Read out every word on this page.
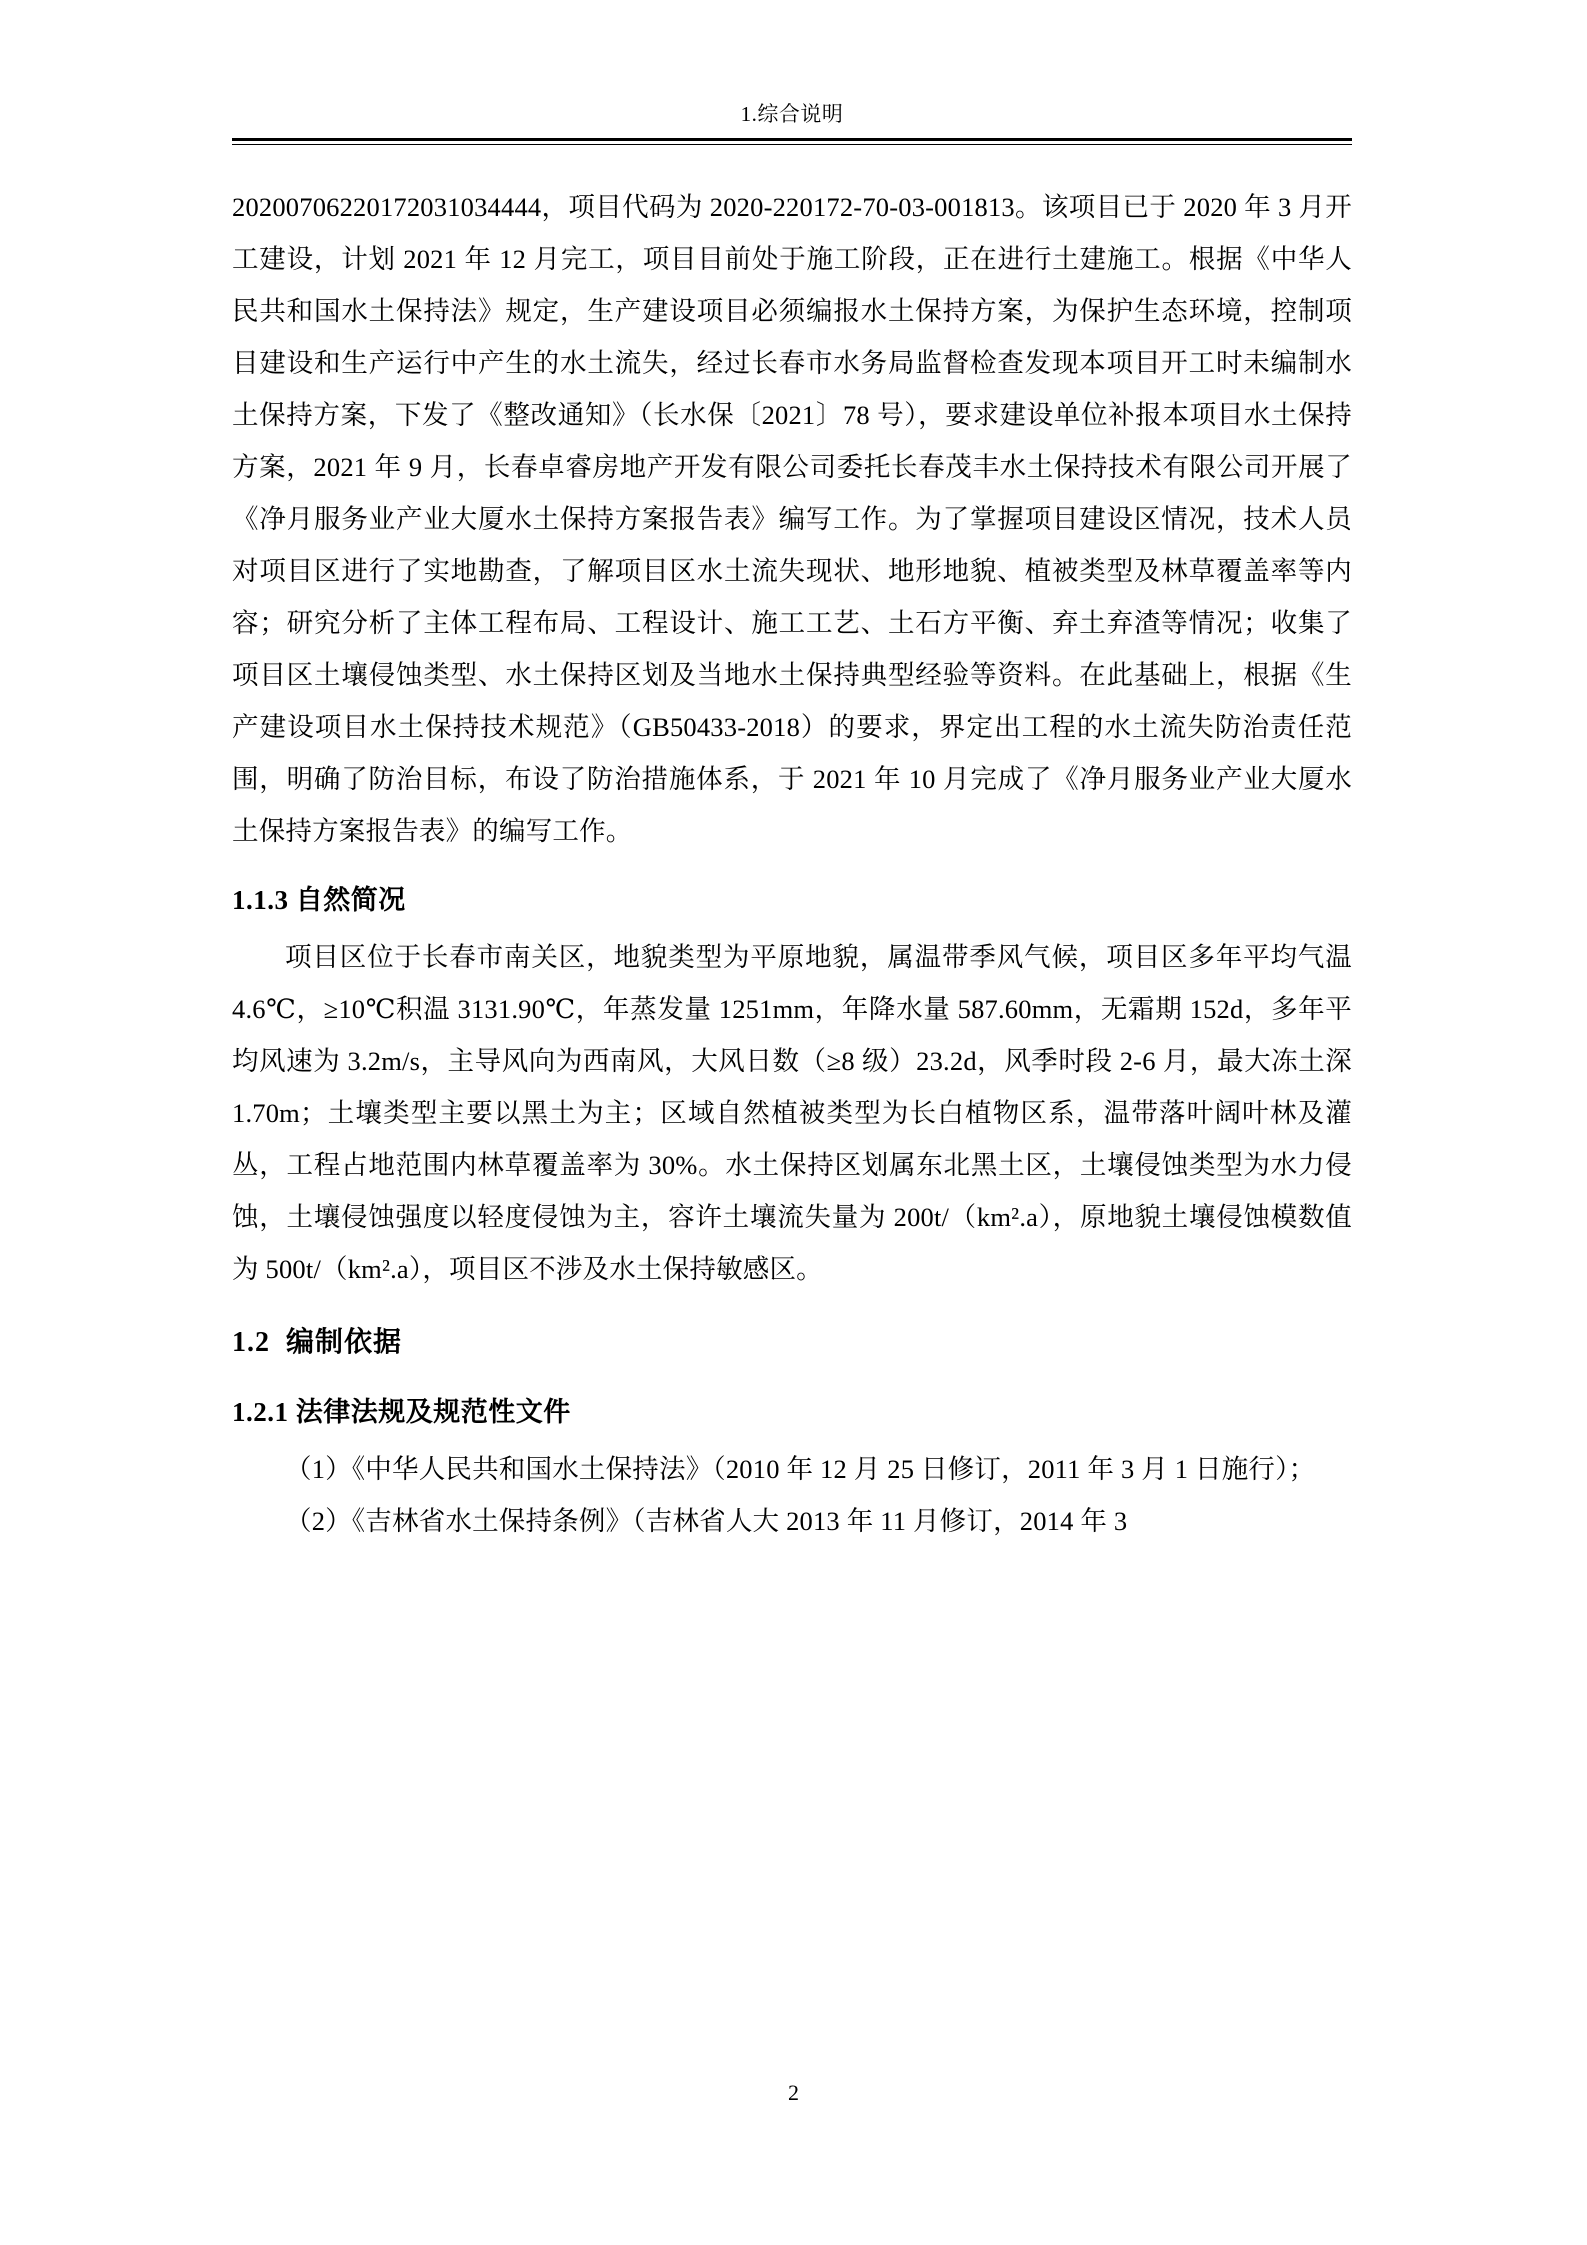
1.综合说明

20200706220172031034444，项目代码为 2020-220172-70-03-001813。该项目已于 2020 年 3 月开工建设，计划 2021 年 12 月完工，项目目前处于施工阶段，正在进行土建施工。根据《中华人民共和国水土保持法》规定，生产建设项目必须编报水土保持方案，为保护生态环境，控制项目建设和生产运行中产生的水土流失，经过长春市水务局监督检查发现本项目开工时未编制水土保持方案，下发了《整改通知》（长水保〔2021〕78 号），要求建设单位补报本项目水土保持方案，2021 年 9 月，长春卓睿房地产开发有限公司委托长春茂丰水土保持技术有限公司开展了《净月服务业产业大厦水土保持方案报告表》编写工作。为了掌握项目建设区情况，技术人员对项目区进行了实地勘查，了解项目区水土流失现状、地形地貌、植被类型及林草覆盖率等内容；研究分析了主体工程布局、工程设计、施工工艺、土石方平衡、弃土弃渣等情况；收集了项目区土壤侵蚀类型、水土保持区划及当地水土保持典型经验等资料。在此基础上，根据《生产建设项目水土保持技术规范》（GB50433-2018）的要求，界定出工程的水土流失防治责任范围，明确了防治目标，布设了防治措施体系，于 2021 年 10 月完成了《净月服务业产业大厦水土保持方案报告表》的编写工作。

1.1.3 自然简况

项目区位于长春市南关区，地貌类型为平原地貌，属温带季风气候，项目区多年平均气温 4.6℃，≥10℃积温 3131.90℃，年蒸发量 1251mm，年降水量 587.60mm，无霜期 152d，多年平均风速为 3.2m/s，主导风向为西南风，大风日数（≥8 级）23.2d，风季时段 2-6 月，最大冻土深 1.70m；土壤类型主要以黑土为主；区域自然植被类型为长白植物区系，温带落叶阔叶林及灌丛，工程占地范围内林草覆盖率为 30%。水土保持区划属东北黑土区，土壤侵蚀类型为水力侵蚀，土壤侵蚀强度以轻度侵蚀为主，容许土壤流失量为 200t/（km².a），原地貌土壤侵蚀模数值为 500t/（km².a），项目区不涉及水土保持敏感区。

1.2 编制依据
1.2.1 法律法规及规范性文件

（1）《中华人民共和国水土保持法》（2010 年 12 月 25 日修订，2011 年 3 月 1 日施行）；

（2）《吉林省水土保持条例》（吉林省人大 2013 年 11 月修订，2014 年 3

2
